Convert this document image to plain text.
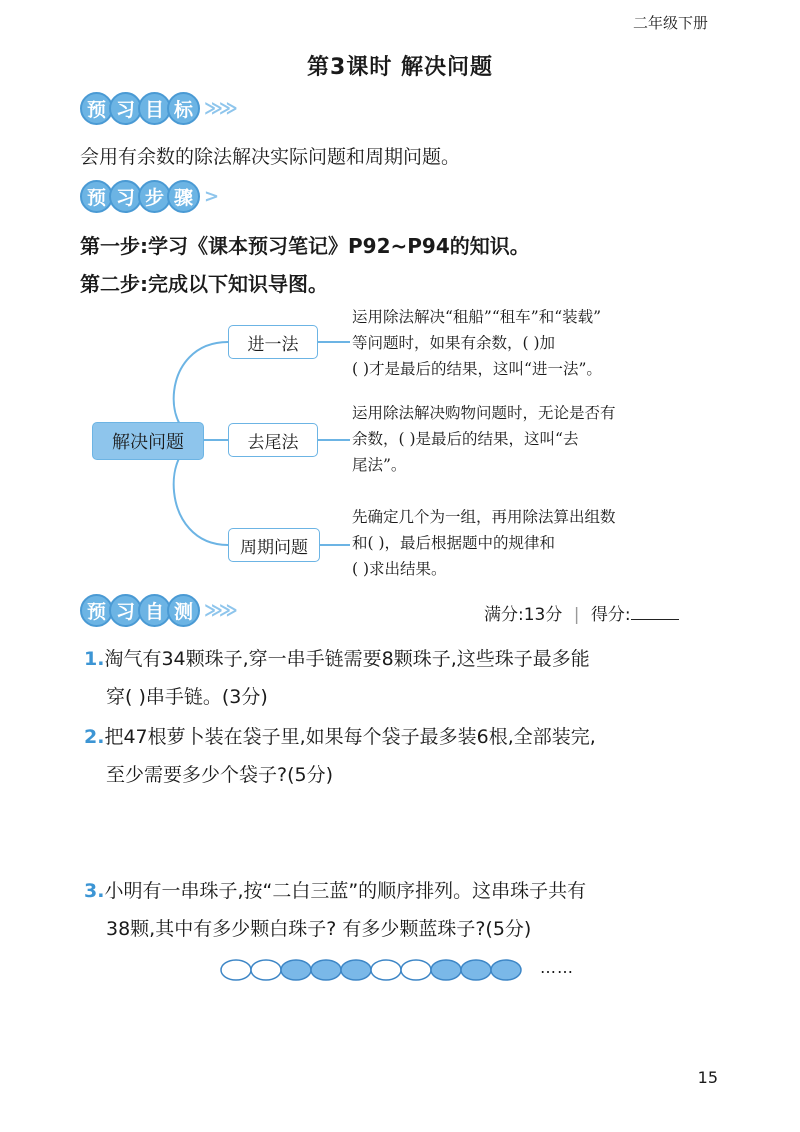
二年级下册
第3课时 解决问题
预 习 目 标 ≫≫
会用有余数的除法解决实际问题和周期问题。
预 习 步 骤 >
第一步:学习《课本预习笔记》P92~P94的知识。
第二步:完成以下知识导图。
解决问题
进一法
去尾法
周期问题
运用除法解决“租船”“租车”和“装载”
等问题时，如果有余数，( )加
( )才是最后的结果，这叫“进一法”。
运用除法解决购物问题时，无论是否有
余数，( )是最后的结果，这叫“去
尾法”。
先确定几个为一组，再用除法算出组数
和( )，最后根据题中的规律和
( )求出结果。
预 习 自 测 ≫≫	满分:13分 | 得分:
1.淘气有34颗珠子,穿一串手链需要8颗珠子,这些珠子最多能
穿( )串手链。(3分)
2.把47根萝卜装在袋子里,如果每个袋子最多装6根,全部装完,
至少需要多少个袋子?(5分)
3.小明有一串珠子,按“二白三蓝”的顺序排列。这串珠子共有
38颗,其中有多少颗白珠子? 有多少颗蓝珠子?(5分)
……
15
